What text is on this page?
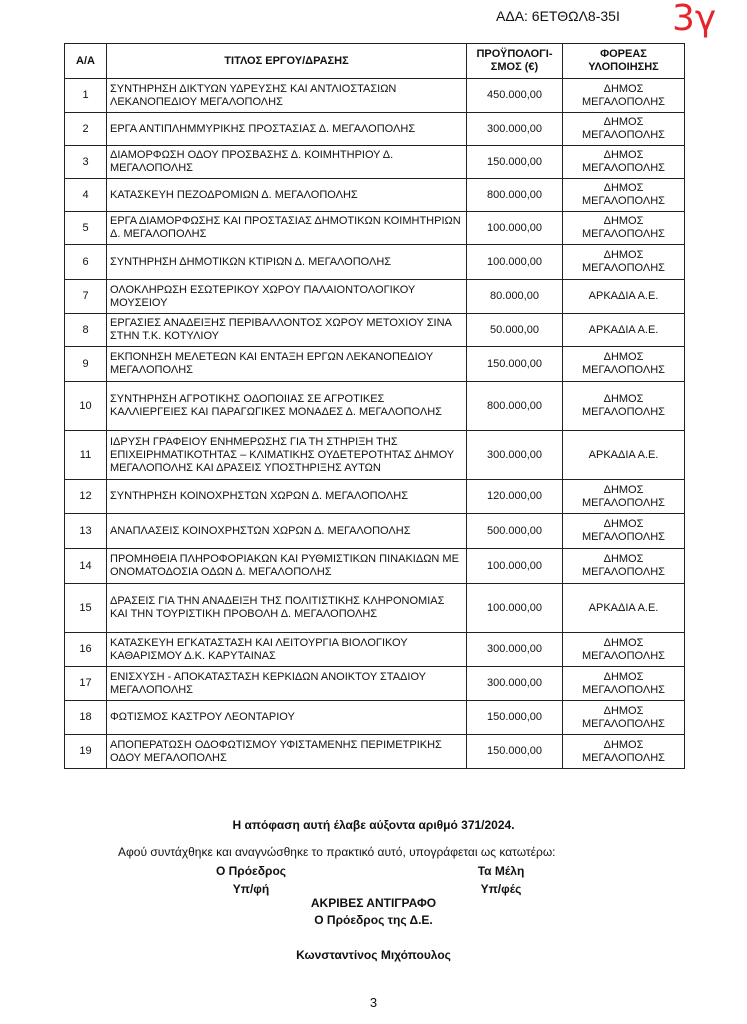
ΑΔΑ: 6ΕΤΘΩΛ8-35Ι 3γ
Α/Α	ΤΙΤΛΟΣ ΕΡΓΟΥ/ΔΡΑΣΗΣ	ΠΡΟΫΠΟΛΟΓΙ-ΣΜΟΣ (€)	ΦΟΡΕΑΣ ΥΛΟΠΟΙΗΣΗΣ
1	ΣΥΝΤΗΡΗΣΗ ΔΙΚΤΥΩΝ ΥΔΡΕΥΣΗΣ ΚΑΙ ΑΝΤΛΙΟΣΤΑΣΙΩΝ ΛΕΚΑΝΟΠΕΔΙΟΥ ΜΕΓΑΛΟΠΟΛΗΣ	450.000,00	ΔΗΜΟΣ ΜΕΓΑΛΟΠΟΛΗΣ
2	ΕΡΓΑ ΑΝΤΙΠΛΗΜΜΥΡΙΚΗΣ ΠΡΟΣΤΑΣΙΑΣ Δ. ΜΕΓΑΛΟΠΟΛΗΣ	300.000,00	ΔΗΜΟΣ ΜΕΓΑΛΟΠΟΛΗΣ
3	ΔΙΑΜΟΡΦΩΣΗ ΟΔΟΥ ΠΡΟΣΒΑΣΗΣ Δ. ΚΟΙΜΗΤΗΡΙΟΥ Δ. ΜΕΓΑΛΟΠΟΛΗΣ	150.000,00	ΔΗΜΟΣ ΜΕΓΑΛΟΠΟΛΗΣ
4	ΚΑΤΑΣΚΕΥΗ ΠΕΖΟΔΡΟΜΙΩΝ Δ. ΜΕΓΑΛΟΠΟΛΗΣ	800.000,00	ΔΗΜΟΣ ΜΕΓΑΛΟΠΟΛΗΣ
5	ΕΡΓΑ ΔΙΑΜΟΡΦΩΣΗΣ ΚΑΙ ΠΡΟΣΤΑΣΙΑΣ ΔΗΜΟΤΙΚΩΝ ΚΟΙΜΗΤΗΡΙΩΝ Δ. ΜΕΓΑΛΟΠΟΛΗΣ	100.000,00	ΔΗΜΟΣ ΜΕΓΑΛΟΠΟΛΗΣ
6	ΣΥΝΤΗΡΗΣΗ ΔΗΜΟΤΙΚΩΝ ΚΤΙΡΙΩΝ Δ. ΜΕΓΑΛΟΠΟΛΗΣ	100.000,00	ΔΗΜΟΣ ΜΕΓΑΛΟΠΟΛΗΣ
7	ΟΛΟΚΛΗΡΩΣΗ ΕΣΩΤΕΡΙΚΟΥ ΧΩΡΟΥ ΠΑΛΑΙΟΝΤΟΛΟΓΙΚΟΥ ΜΟΥΣΕΙΟΥ	80.000,00	ΑΡΚΑΔΙΑ Α.Ε.
8	ΕΡΓΑΣΙΕΣ ΑΝΑΔΕΙΞΗΣ ΠΕΡΙΒΑΛΛΟΝΤΟΣ ΧΩΡΟΥ ΜΕΤΟΧΙΟΥ ΣΙΝΑ ΣΤΗΝ Τ.Κ. ΚΟΤΥΛΙΟΥ	50.000,00	ΑΡΚΑΔΙΑ Α.Ε.
9	ΕΚΠΟΝΗΣΗ ΜΕΛΕΤΕΩΝ ΚΑΙ ΕΝΤΑΞΗ ΕΡΓΩΝ ΛΕΚΑΝΟΠΕΔΙΟΥ ΜΕΓΑΛΟΠΟΛΗΣ	150.000,00	ΔΗΜΟΣ ΜΕΓΑΛΟΠΟΛΗΣ
10	ΣΥΝΤΗΡΗΣΗ ΑΓΡΟΤΙΚΗΣ ΟΔΟΠΟΙΙΑΣ ΣΕ ΑΓΡΟΤΙΚΕΣ ΚΑΛΛΙΕΡΓΕΙΕΣ ΚΑΙ ΠΑΡΑΓΩΓΙΚΕΣ ΜΟΝΑΔΕΣ Δ. ΜΕΓΑΛΟΠΟΛΗΣ	800.000,00	ΔΗΜΟΣ ΜΕΓΑΛΟΠΟΛΗΣ
11	ΙΔΡΥΣΗ ΓΡΑΦΕΙΟΥ ΕΝΗΜΕΡΩΣΗΣ ΓΙΑ ΤΗ ΣΤΗΡΙΞΗ ΤΗΣ ΕΠΙΧΕΙΡΗΜΑΤΙΚΟΤΗΤΑΣ – ΚΛΙΜΑΤΙΚΗΣ ΟΥΔΕΤΕΡΟΤΗΤΑΣ ΔΗΜΟΥ ΜΕΓΑΛΟΠΟΛΗΣ ΚΑΙ ΔΡΑΣΕΙΣ ΥΠΟΣΤΗΡΙΞΗΣ ΑΥΤΩΝ	300.000,00	ΑΡΚΑΔΙΑ Α.Ε.
12	ΣΥΝΤΗΡΗΣΗ ΚΟΙΝΟΧΡΗΣΤΩΝ ΧΩΡΩΝ Δ. ΜΕΓΑΛΟΠΟΛΗΣ	120.000,00	ΔΗΜΟΣ ΜΕΓΑΛΟΠΟΛΗΣ
13	ΑΝΑΠΛΑΣΕΙΣ ΚΟΙΝΟΧΡΗΣΤΩΝ ΧΩΡΩΝ Δ. ΜΕΓΑΛΟΠΟΛΗΣ	500.000,00	ΔΗΜΟΣ ΜΕΓΑΛΟΠΟΛΗΣ
14	ΠΡΟΜΗΘΕΙΑ ΠΛΗΡΟΦΟΡΙΑΚΩΝ ΚΑΙ ΡΥΘΜΙΣΤΙΚΩΝ ΠΙΝΑΚΙΔΩΝ ΜΕ ΟΝΟΜΑΤΟΔΟΣΙΑ ΟΔΩΝ Δ. ΜΕΓΑΛΟΠΟΛΗΣ	100.000,00	ΔΗΜΟΣ ΜΕΓΑΛΟΠΟΛΗΣ
15	ΔΡΑΣΕΙΣ ΓΙΑ ΤΗΝ ΑΝΑΔΕΙΞΗ ΤΗΣ ΠΟΛΙΤΙΣΤΙΚΗΣ ΚΛΗΡΟΝΟΜΙΑΣ ΚΑΙ ΤΗΝ ΤΟΥΡΙΣΤΙΚΗ ΠΡΟΒΟΛΗ Δ. ΜΕΓΑΛΟΠΟΛΗΣ	100.000,00	ΑΡΚΑΔΙΑ Α.Ε.
16	ΚΑΤΑΣΚΕΥΗ ΕΓΚΑΤΑΣΤΑΣΗ ΚΑΙ ΛΕΙΤΟΥΡΓΙΑ ΒΙΟΛΟΓΙΚΟΥ ΚΑΘΑΡΙΣΜΟΥ Δ.Κ. ΚΑΡΥΤΑΙΝΑΣ	300.000,00	ΔΗΜΟΣ ΜΕΓΑΛΟΠΟΛΗΣ
17	ΕΝΙΣΧΥΣΗ - ΑΠΟΚΑΤΑΣΤΑΣΗ ΚΕΡΚΙΔΩΝ ΑΝΟΙΚΤΟΥ ΣΤΑΔΙΟΥ ΜΕΓΑΛΟΠΟΛΗΣ	300.000,00	ΔΗΜΟΣ ΜΕΓΑΛΟΠΟΛΗΣ
18	ΦΩΤΙΣΜΟΣ ΚΑΣΤΡΟΥ ΛΕΟΝΤΑΡΙΟΥ	150.000,00	ΔΗΜΟΣ ΜΕΓΑΛΟΠΟΛΗΣ
19	ΑΠΟΠΕΡΑΤΩΣΗ ΟΔΟΦΩΤΙΣΜΟΥ ΥΦΙΣΤΑΜΕΝΗΣ ΠΕΡΙΜΕΤΡΙΚΗΣ ΟΔΟΥ ΜΕΓΑΛΟΠΟΛΗΣ	150.000,00	ΔΗΜΟΣ ΜΕΓΑΛΟΠΟΛΗΣ
Η απόφαση αυτή έλαβε αύξοντα αριθμό 371/2024.
Αφού συντάχθηκε και αναγνώσθηκε το πρακτικό αυτό, υπογράφεται ως κατωτέρω:
Ο Πρόεδρος
Υπ/φή
Τα Μέλη
Υπ/φές
ΑΚΡΙΒΕΣ ΑΝΤΙΓΡΑΦΟ
Ο Πρόεδρος της Δ.Ε.
Κωνσταντίνος Μιχόπουλος
3
